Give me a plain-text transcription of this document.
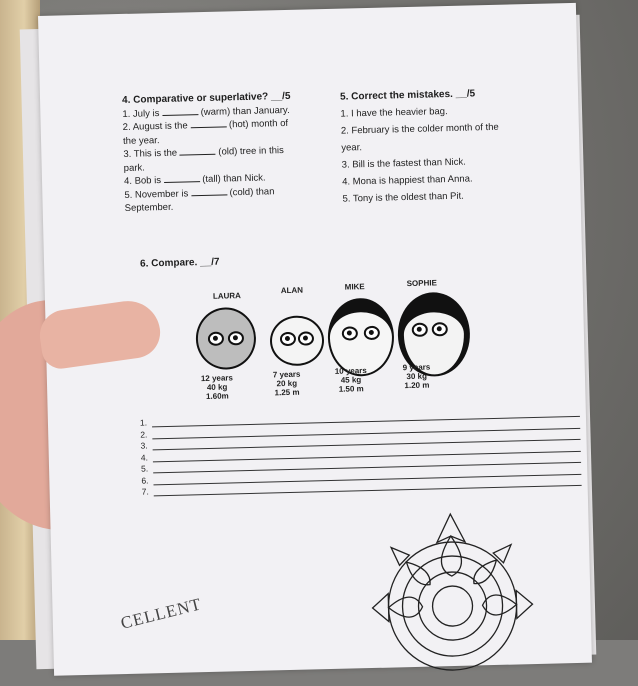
4. Comparative or superlative? __/5
1. July is	(warm) than January.
2. August is the	(hot) month of
the year.
3. This is the	(old) tree in this
park.
4. Bob is	(tall) than Nick.
5. November is	(cold) than
September.
5. Correct the mistakes. __/5
1. I have the heavier bag.
2. February is the colder month of the
year.
3. Bill is the fastest than Nick.
4. Mona is happiest than Anna.
5. Tony is the oldest than Pit.
6. Compare. __/7
LAURA
ALAN	MIKE	SOPHIE
12 years
40 kg
1.60m
7 years
20 kg
1.25 m
10 years
45 kg
1.50 m
9 years
30 kg
1.20 m
1.
2.
3.
4.
5.
6.
7.
CELLENT
